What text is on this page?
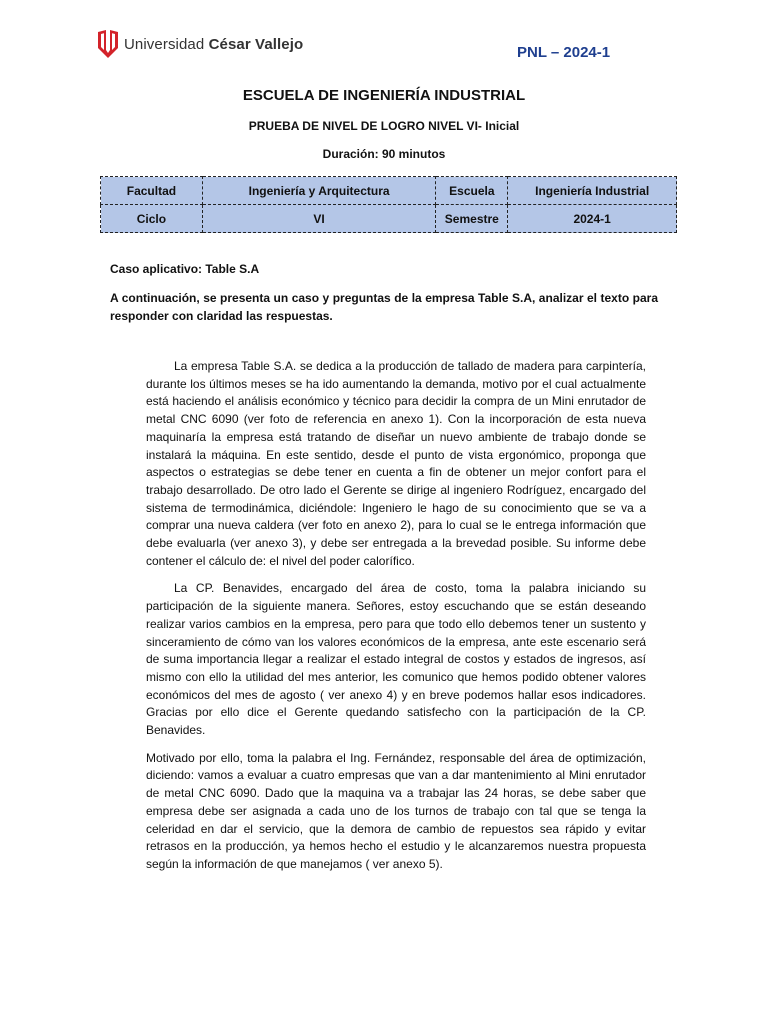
Universidad César Vallejo	PNL – 2024-1
ESCUELA DE INGENIERÍA INDUSTRIAL
PRUEBA DE NIVEL DE LOGRO NIVEL VI- Inicial
Duración: 90 minutos
Facultad	Ingeniería y Arquitectura	Escuela	Ingeniería Industrial
Ciclo	VI	Semestre	2024-1
Caso aplicativo: Table S.A
A continuación, se presenta un caso y preguntas de la empresa Table S.A, analizar el texto para responder con claridad las respuestas.

La empresa Table S.A. se dedica a la producción de tallado de madera para carpintería, durante los últimos meses se ha ido aumentando la demanda, motivo por el cual actualmente está haciendo el análisis económico y técnico para decidir la compra de un Mini enrutador de metal CNC 6090 (ver foto de referencia en anexo 1). Con la incorporación de esta nueva maquinaría la empresa está tratando de diseñar un nuevo ambiente de trabajo donde se instalará la máquina. En este sentido, desde el punto de vista ergonómico, proponga que aspectos o estrategias se debe tener en cuenta a fin de obtener un mejor confort para el trabajo desarrollado. De otro lado el Gerente se dirige al ingeniero Rodríguez, encargado del sistema de termodinámica, diciéndole: Ingeniero le hago de su conocimiento que se va a comprar una nueva caldera (ver foto en anexo 2), para lo cual se le entrega información que debe evaluarla (ver anexo 3), y debe ser entregada a la brevedad posible. Su informe debe contener el cálculo de: el nivel del poder calorífico.

La CP. Benavides, encargado del área de costo, toma la palabra iniciando su participación de la siguiente manera. Señores, estoy escuchando que se están deseando realizar varios cambios en la empresa, pero para que todo ello debemos tener un sustento y sinceramiento de cómo van los valores económicos de la empresa, ante este escenario será de suma importancia llegar a realizar el estado integral de costos y estados de ingresos, así mismo con ello la utilidad del mes anterior, les comunico que hemos podido obtener valores económicos del mes de agosto ( ver anexo 4) y en breve podemos hallar esos indicadores. Gracias por ello dice el Gerente quedando satisfecho con la participación de la CP. Benavides.

Motivado por ello, toma la palabra el Ing. Fernández, responsable del área de optimización, diciendo: vamos a evaluar a cuatro empresas que van a dar mantenimiento al Mini enrutador de metal CNC 6090. Dado que la maquina va a trabajar las 24 horas, se debe saber que empresa debe ser asignada a cada uno de los turnos de trabajo con tal que se tenga la celeridad en dar el servicio, que la demora de cambio de repuestos sea rápido y evitar retrasos en la producción, ya hemos hecho el estudio y le alcanzaremos nuestra propuesta según la información de que manejamos ( ver anexo 5).
